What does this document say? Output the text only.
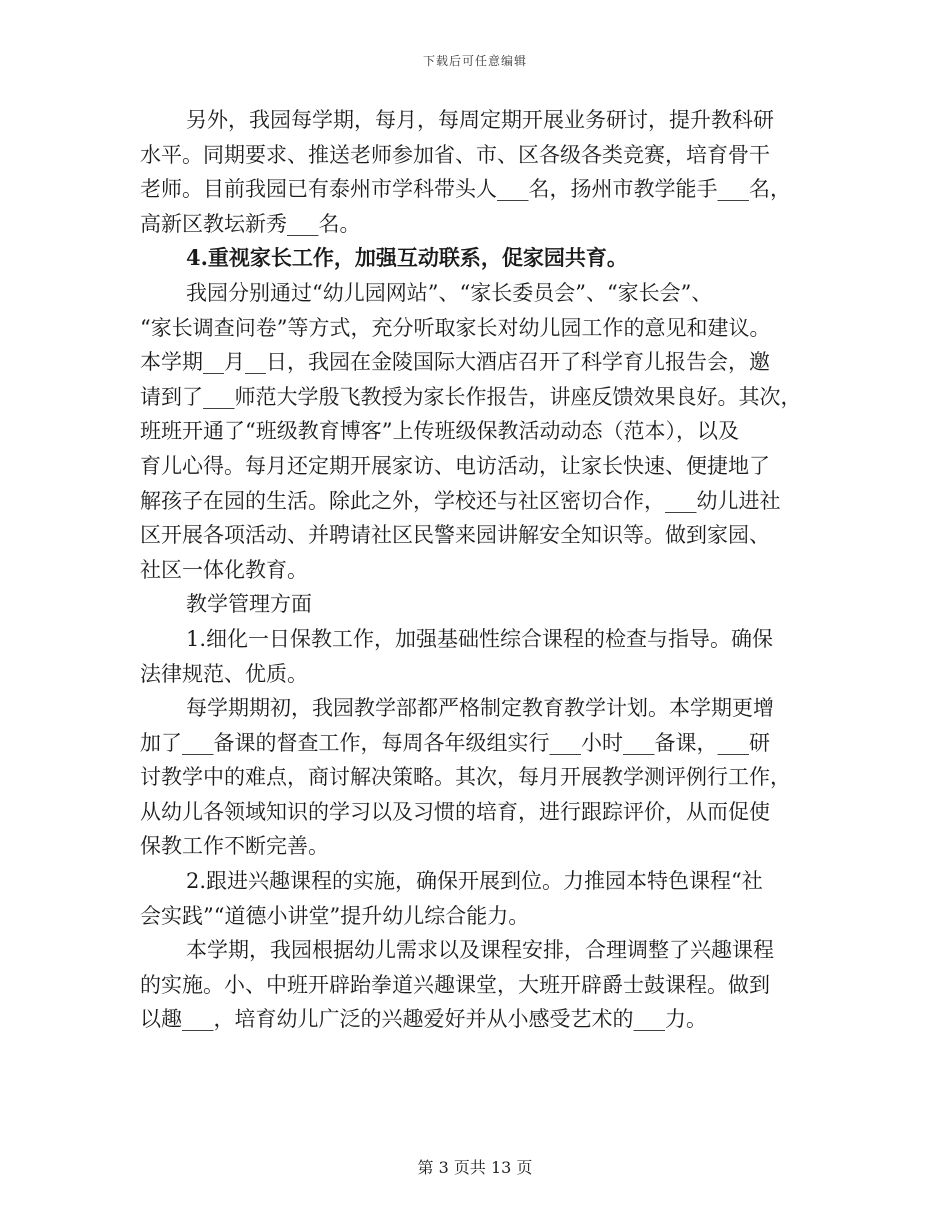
下载后可任意编辑
另外，我园每学期，每月，每周定期开展业务研讨，提升教科研
水平。同期要求、推送老师参加省、市、区各级各类竞赛，培育骨干
老师。目前我园已有泰州市学科带头人___名，扬州市教学能手___名，
高新区教坛新秀___名。
4.重视家长工作，加强互动联系，促家园共育。
我园分别通过“幼儿园网站”、“家长委员会”、“家长会”、
“家长调查问卷”等方式，充分听取家长对幼儿园工作的意见和建议。
本学期__月__日，我园在金陵国际大酒店召开了科学育儿报告会，邀
请到了___师范大学殷飞教授为家长作报告，讲座反馈效果良好。其次，
班班开通了“班级教育博客”上传班级保教活动动态（范本），以及
育儿心得。每月还定期开展家访、电访活动，让家长快速、便捷地了
解孩子在园的生活。除此之外，学校还与社区密切合作，___幼儿进社
区开展各项活动、并聘请社区民警来园讲解安全知识等。做到家园、
社区一体化教育。
教学管理方面
1.细化一日保教工作，加强基础性综合课程的检查与指导。确保
法律规范、优质。
每学期期初，我园教学部都严格制定教育教学计划。本学期更增
加了___备课的督查工作，每周各年级组实行___小时___备课，___研
讨教学中的难点，商讨解决策略。其次，每月开展教学测评例行工作，
从幼儿各领域知识的学习以及习惯的培育，进行跟踪评价，从而促使
保教工作不断完善。
2.跟进兴趣课程的实施，确保开展到位。力推园本特色课程“社
会实践”“道德小讲堂”提升幼儿综合能力。
本学期，我园根据幼儿需求以及课程安排，合理调整了兴趣课程
的实施。小、中班开辟跆拳道兴趣课堂，大班开辟爵士鼓课程。做到
以趣___，培育幼儿广泛的兴趣爱好并从小感受艺术的___力。
第 3 页共 13 页
